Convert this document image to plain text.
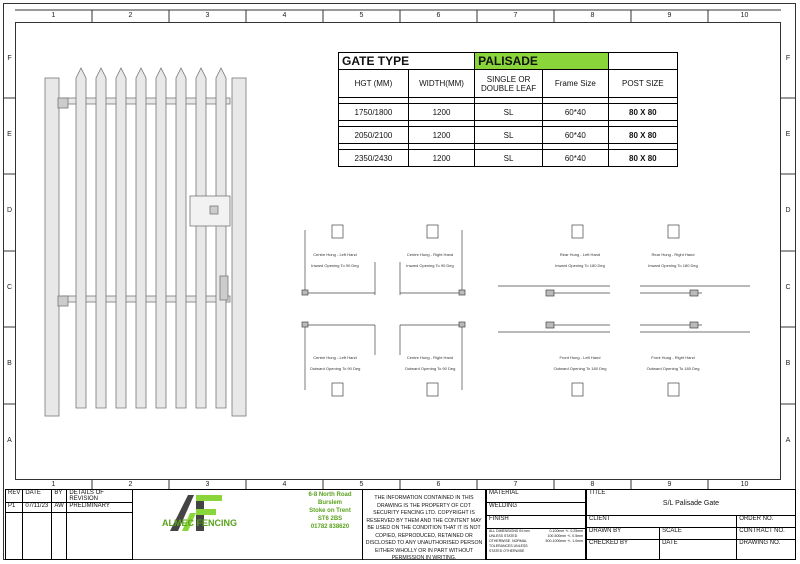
1	2	3	4	5	6	7	8	9	10
1	2	3	4	5	6	7	8	9	10
F
E
D
C
B
A
F
E
D
C
B
A
GATE TYPE		PALISADE		
HGT (MM)	WIDTH(MM)	SINGLE OR DOUBLE LEAF	Frame Size	POST SIZE

1750/1800	1200	SL	60*40	80 X 80

2050/2100	1200	SL	60*40	80 X 80

2350/2430	1200	SL	60*40	80 X 80
Centre Hung - Left Hand
Inward Opening To 90 Deg
Centre Hung - Right Hand
Inward Opening To 90 Deg
Rear Hung - Left Hand
Inward Opening To 180 Deg
Rear Hung - Right Hand
Inward Opening To 180 Deg
Centre Hung - Left Hand
Outward Opening To 90 Deg
Centre Hung - Right Hand
Outward Opening To 90 Deg
Front Hung - Left Hand
Outward Opening To 180 Deg
Front Hung - Right Hand
Outward Opening To 180 Deg
REV	DATE	BY	DETAILS OF REVISION
P1	07/11/23	AW	PRELIMINARY

ALMEC FENCING
6-8 North Road
Burslem
Stoke on Trent
ST6 2BS
01782 838620
THE INFORMATION CONTAINED IN THIS DRAWING IS THE PROPERTY OF COT SECURITY FENCING LTD. COPYRIGHT IS RESERVED BY THEM AND THE CONTENT MAY BE USED ON THE CONDITION THAT IT IS NOT COPIED, REPRODUCED, RETAINED OR DISCLOSED TO ANY UNAUTHORISED PERSON EITHER WHOLLY OR IN PART WITHOUT PERMISSION IN WRITING.
MATERIAL
WELDING
FINISH

ALL DIMENSIONS IN mm UNLESS STATED OTHERWISE. NORMAL TOLERANCES UNLESS STATED OTHERWISE
0-100mm +/- 0.25mm
100-500mm +/- 0.5mm
500-1000mm +/- 1.0mm
TITLE
S/L Palisade Gate		

CLIENT		ORDER NO.
DRAWN BY	SCALE	CONTRACT NO.
CHECKED BY	DATE	DRAWING NO.
